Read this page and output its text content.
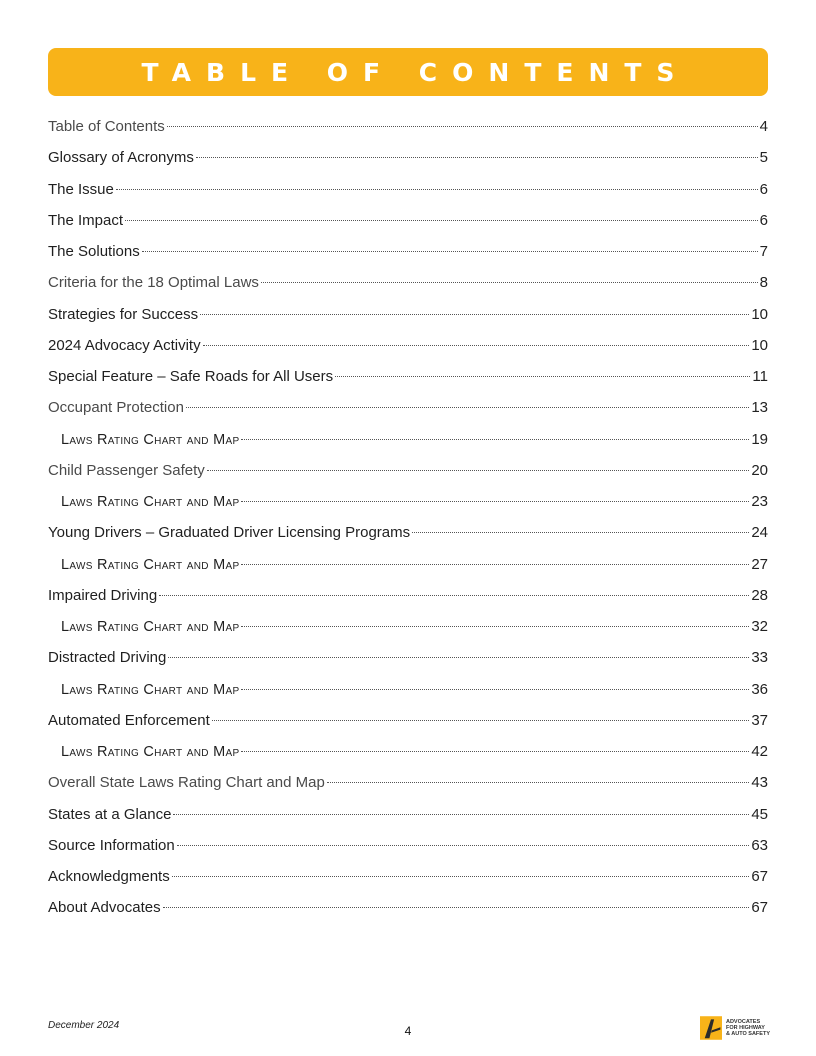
TABLE OF CONTENTS
Table of Contents	4
Glossary of Acronyms	5
The Issue	6
The Impact	6
The Solutions	7
Criteria for the 18 Optimal Laws	8
Strategies for Success	10
2024 Advocacy Activity	10
Special Feature – Safe Roads for All Users	11
Occupant Protection	13
Laws Rating Chart and Map	19
Child Passenger Safety	20
Laws Rating Chart and Map	23
Young Drivers – Graduated Driver Licensing Programs	24
Laws Rating Chart and Map	27
Impaired Driving	28
Laws Rating Chart and Map	32
Distracted Driving	33
Laws Rating Chart and Map	36
Automated Enforcement	37
Laws Rating Chart and Map	42
Overall State Laws Rating Chart and Map	43
States at a Glance	45
Source Information	63
Acknowledgments	67
About Advocates	67
December 2024	4
ADVOCATES
FOR HIGHWAY
& AUTO SAFETY
